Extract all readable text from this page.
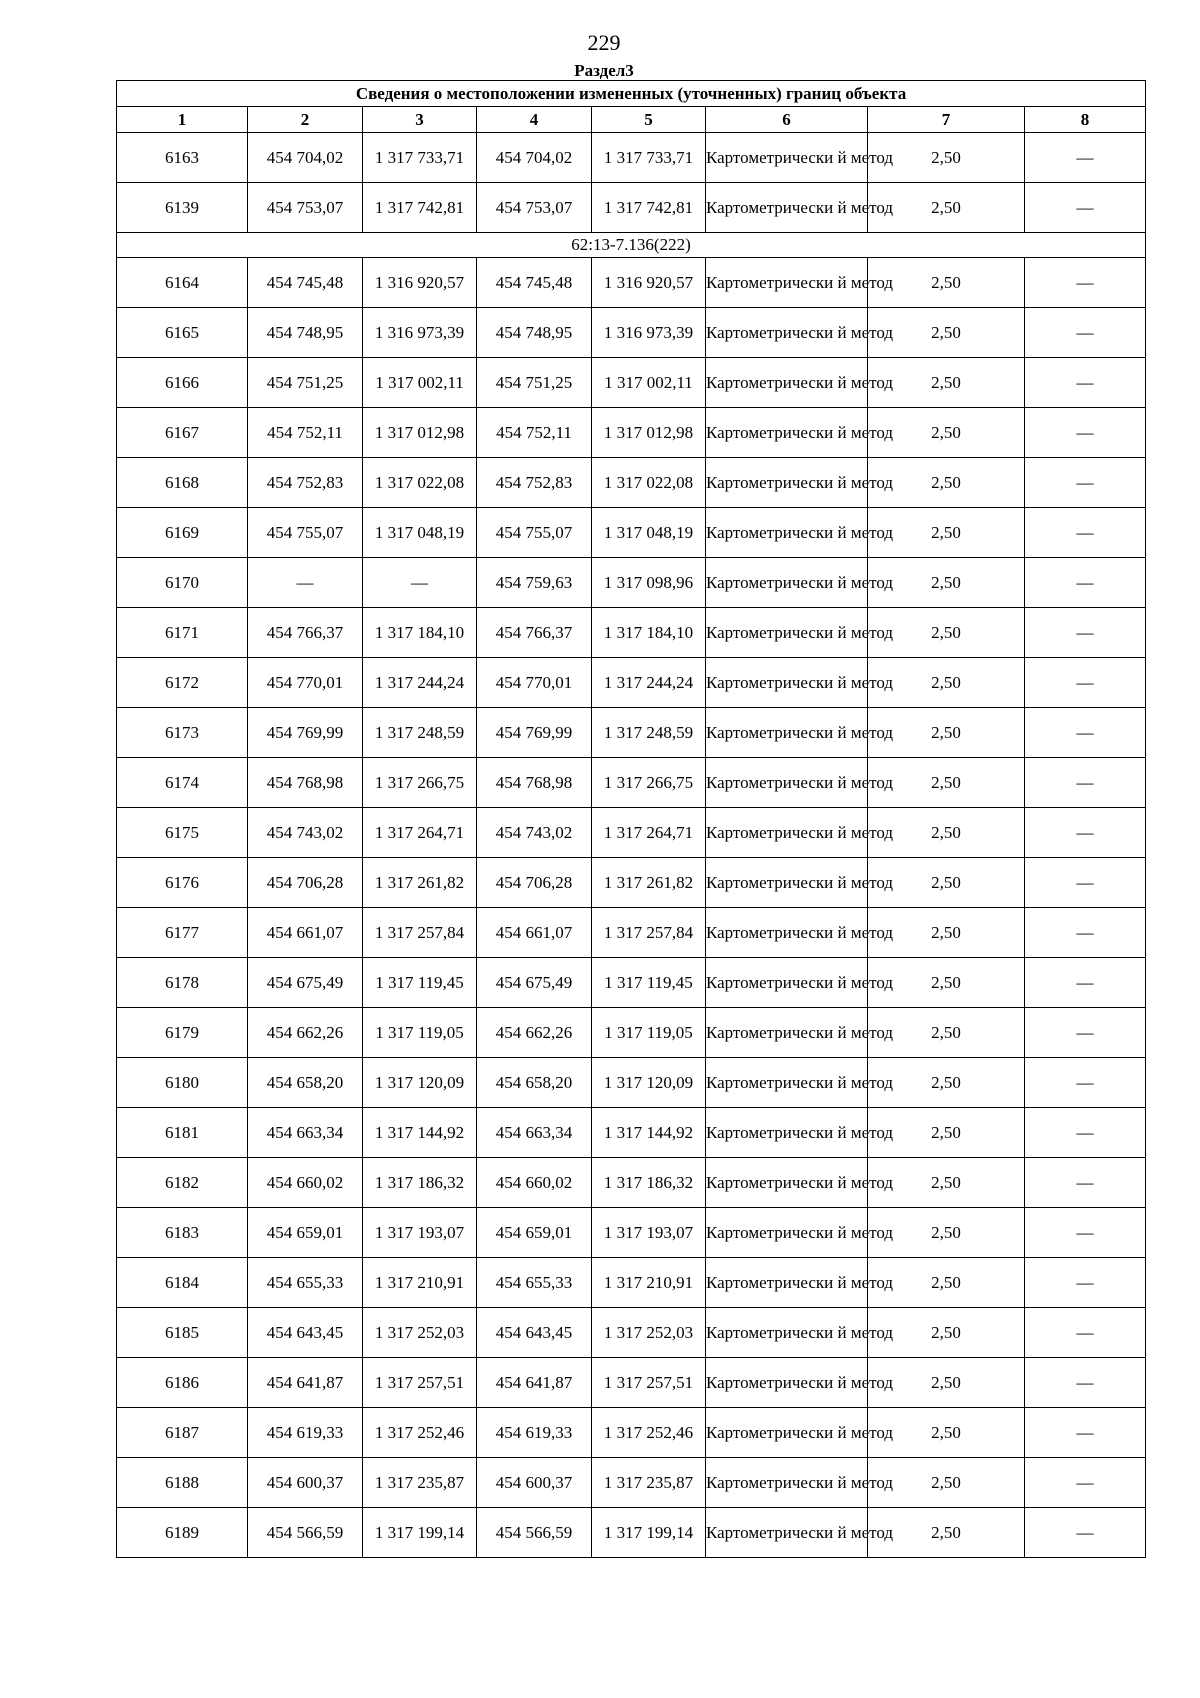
229
Раздел3
Сведения о местоположении измененных (уточненных) границ объекта							
1	2	3	4	5	6	7	8
6163	454 704,02	1 317 733,71	454 704,02	1 317 733,71	Картометрически й метод	2,50	—
6139	454 753,07	1 317 742,81	454 753,07	1 317 742,81	Картометрически й метод	2,50	—
62:13-7.136(222)							
6164	454 745,48	1 316 920,57	454 745,48	1 316 920,57	Картометрически й метод	2,50	—
6165	454 748,95	1 316 973,39	454 748,95	1 316 973,39	Картометрически й метод	2,50	—
6166	454 751,25	1 317 002,11	454 751,25	1 317 002,11	Картометрически й метод	2,50	—
6167	454 752,11	1 317 012,98	454 752,11	1 317 012,98	Картометрически й метод	2,50	—
6168	454 752,83	1 317 022,08	454 752,83	1 317 022,08	Картометрически й метод	2,50	—
6169	454 755,07	1 317 048,19	454 755,07	1 317 048,19	Картометрически й метод	2,50	—
6170	—	—	454 759,63	1 317 098,96	Картометрически й метод	2,50	—
6171	454 766,37	1 317 184,10	454 766,37	1 317 184,10	Картометрически й метод	2,50	—
6172	454 770,01	1 317 244,24	454 770,01	1 317 244,24	Картометрически й метод	2,50	—
6173	454 769,99	1 317 248,59	454 769,99	1 317 248,59	Картометрически й метод	2,50	—
6174	454 768,98	1 317 266,75	454 768,98	1 317 266,75	Картометрически й метод	2,50	—
6175	454 743,02	1 317 264,71	454 743,02	1 317 264,71	Картометрически й метод	2,50	—
6176	454 706,28	1 317 261,82	454 706,28	1 317 261,82	Картометрически й метод	2,50	—
6177	454 661,07	1 317 257,84	454 661,07	1 317 257,84	Картометрически й метод	2,50	—
6178	454 675,49	1 317 119,45	454 675,49	1 317 119,45	Картометрически й метод	2,50	—
6179	454 662,26	1 317 119,05	454 662,26	1 317 119,05	Картометрически й метод	2,50	—
6180	454 658,20	1 317 120,09	454 658,20	1 317 120,09	Картометрически й метод	2,50	—
6181	454 663,34	1 317 144,92	454 663,34	1 317 144,92	Картометрически й метод	2,50	—
6182	454 660,02	1 317 186,32	454 660,02	1 317 186,32	Картометрически й метод	2,50	—
6183	454 659,01	1 317 193,07	454 659,01	1 317 193,07	Картометрически й метод	2,50	—
6184	454 655,33	1 317 210,91	454 655,33	1 317 210,91	Картометрически й метод	2,50	—
6185	454 643,45	1 317 252,03	454 643,45	1 317 252,03	Картометрически й метод	2,50	—
6186	454 641,87	1 317 257,51	454 641,87	1 317 257,51	Картометрически й метод	2,50	—
6187	454 619,33	1 317 252,46	454 619,33	1 317 252,46	Картометрически й метод	2,50	—
6188	454 600,37	1 317 235,87	454 600,37	1 317 235,87	Картометрически й метод	2,50	—
6189	454 566,59	1 317 199,14	454 566,59	1 317 199,14	Картометрически й метод	2,50	—
